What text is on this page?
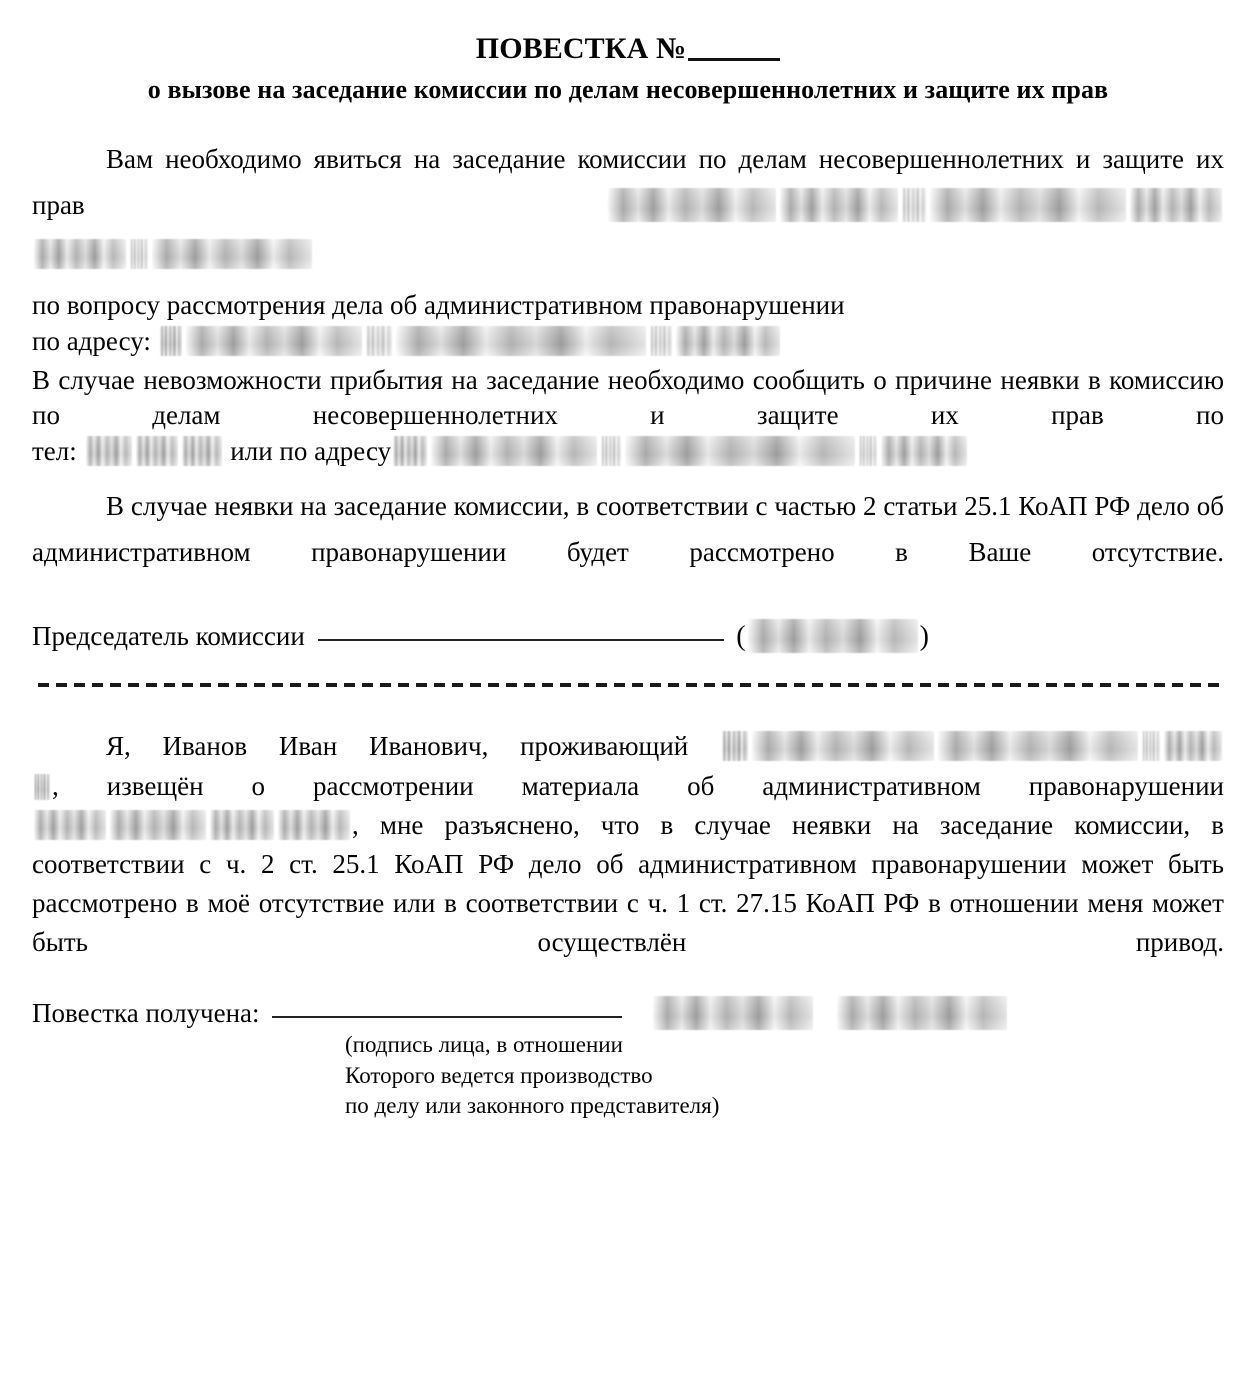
ПОВЕСТКА №
о вызове на заседание комиссии по делам несовершеннолетних и защите их прав

Вам необходимо явиться на заседание комиссии по делам несовершеннолетних и защите их прав

по вопросу рассмотрения дела об административном правонарушении

по адресу:

В случае невозможности прибытия на заседание необходимо сообщить о причине неявки в комиссию по делам несовершеннолетних и защите их прав по

тел:	или по адресу

В случае неявки на заседание комиссии, в соответствии с частью 2 статьи 25.1 КоАП РФ дело об административном правонарушении будет рассмотрено в Ваше отсутствие.

Председатель комиссии	(	)

Я, Иванов Иван Иванович, проживающий

, извещён о рассмотрении материала об административном правонарушении

, мне разъяснено, что в случае неявки на заседание комиссии, в соответствии с ч. 2 ст. 25.1 КоАП РФ дело об административном правонарушении может быть рассмотрено в моё отсутствие или в соответствии с ч. 1 ст. 27.15 КоАП РФ в отношении меня может быть осуществлён привод.

Повестка получена:
(подпись лица, в отношении
Которого ведется производство
по делу или законного представителя)
